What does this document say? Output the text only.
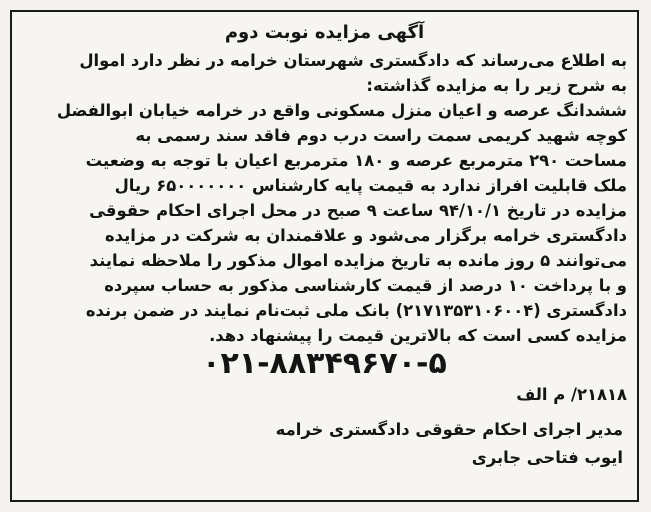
آگهی مزایده نوبت دوم

به اطلاع می‌رساند که دادگستری شهرستان خرامه در نظر دارد اموال
به شرح زیر را به مزایده گذاشته:
ششدانگ عرصه و اعیان منزل مسکونی واقع در خرامه خیابان ابوالفضل
کوچه شهید کریمی سمت راست درب دوم فاقد سند رسمی به
مساحت ۲۹۰ مترمربع عرصه و ۱۸۰ مترمربع اعیان با توجه به وضعیت
ملک قابلیت افراز ندارد به قیمت پایه کارشناس ۶۵۰۰۰۰۰۰۰ ریال
مزایده در تاریخ ۹۴/۱۰/۱ ساعت ۹ صبح در محل اجرای احکام حقوقی
دادگستری خرامه برگزار می‌شود و علاقمندان به شرکت در مزایده
می‌توانند ۵ روز مانده به تاریخ مزایده اموال مذکور را ملاحظه نمایند
و با پرداخت ۱۰ درصد از قیمت کارشناسی مذکور به حساب سپرده
دادگستری (۲۱۷۱۳۵۳۱۰۶۰۰۴) بانک ملی ثبت‌نام نمایند در ضمن برنده
مزایده کسی است که بالاترین قیمت را پیشنهاد دهد.
۰۲۱-۸۸۳۴۹۶۷۰-۵

۲۱۸۱۸/ م الف

مدیر اجرای احکام حقوقی دادگستری خرامه
ایوب فتاحی جابری
